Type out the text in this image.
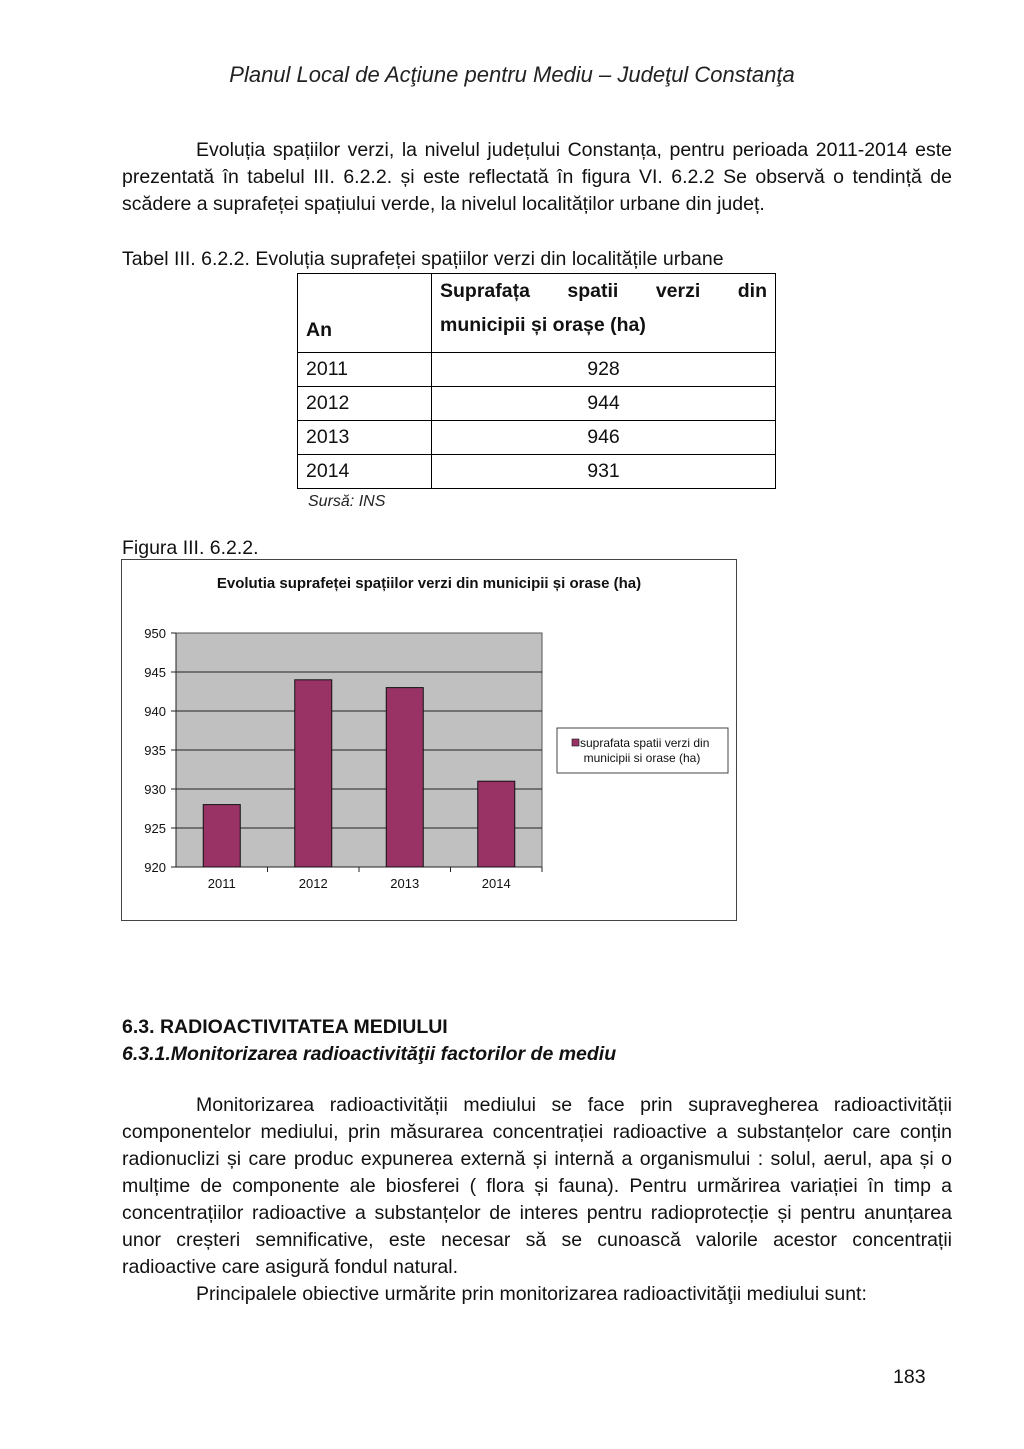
Planul Local de Acţiune pentru Mediu – Judeţul Constanţa
Evoluția spațiilor verzi, la nivelul județului Constanța, pentru perioada 2011-2014 este prezentată în tabelul III. 6.2.2. și este reflectată în figura VI. 6.2.2 Se observă o tendință de scădere a suprafeței spațiului verde, la nivelul localităților urbane din județ.
Tabel III. 6.2.2. Evoluția suprafeței spațiilor verzi din localitățile urbane
An	Suprafața spatii verzi din
municipii și orașe (ha)

2011	928
2012	944
2013	946
2014	931
Sursă: INS
Figura III. 6.2.2.
Evolutia suprafeței spațiilor verzi din municipii și orase (ha)
950
945
940
935
930
925
920
2011	2012	2013	2014
suprafata spatii verzi din
municipii si orase (ha)
6.3. RADIOACTIVITATEA MEDIULUI
6.3.1.Monitorizarea radioactivităţii factorilor de mediu
Monitorizarea radioactivității mediului se face prin supravegherea radioactivității componentelor mediului, prin măsurarea concentrației radioactive a substanțelor care conțin radionuclizi și care produc expunerea externă și internă a organismului : solul, aerul, apa și o mulțime de componente ale biosferei ( flora și fauna). Pentru urmărirea variației în timp a concentrațiilor radioactive a substanțelor de interes pentru radioprotecție și pentru anunțarea unor creșteri semnificative, este necesar să se cunoască valorile acestor concentrații radioactive care asigură fondul natural.
Principalele obiective urmărite prin monitorizarea radioactivităţii mediului sunt:
183
